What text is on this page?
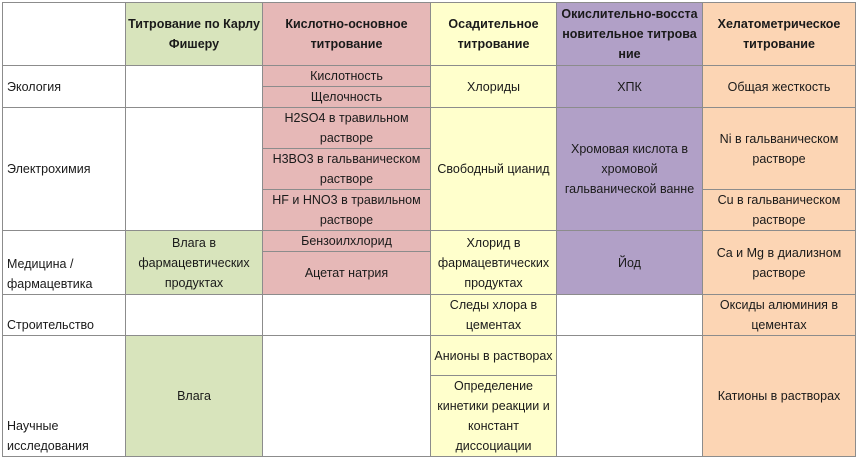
	Титрование по Карлу Фишеру	Кислотно-основное титрование	Осадительное титрование	Окислительно-восстановительное титрование	Хелатометрическое титрование
Экология		Кислотность	Хлориды	ХПК	Общая жесткость
		Щелочность			
Электрохимия		H2SO4 в травильном растворе	Свободный цианид	Хромовая кислота в хромовой гальванической ванне	Ni в гальваническом растворе

		H3BO3 в гальваническом растворе			

		HF и HNO3 в травильном растворе			Cu в гальваническом растворе

Медицина / фармацевтика	Влага в фармацевтических продуктах	Бензоилхлорид	Хлорид в фармацевтических продуктах	Йод	Ca и Mg в диализном растворе
		Ацетат натрия			
Строительство			Следы хлора в цементах		Оксиды алюминия в цементах
Научные исследования	Влага		Анионы в растворах		Катионы в растворах
			Определение кинетики реакции и констант диссоциации		
